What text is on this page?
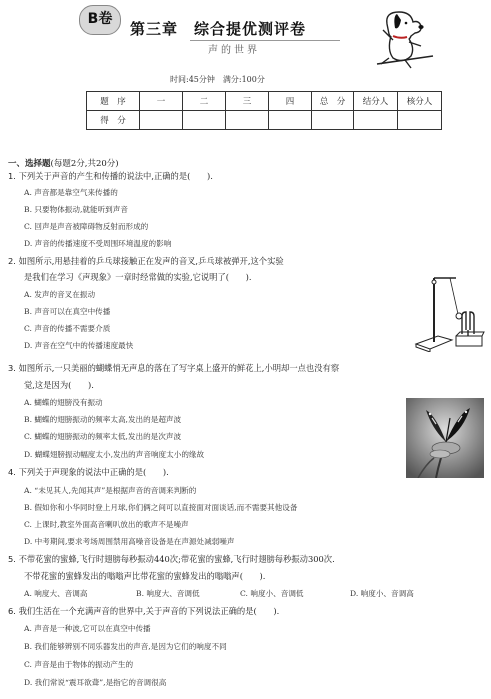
B卷
第三章　综合提优测评卷
声的世界
时间:45分钟　满分:100分
题　序	一	二	三	四	总　分	结分人	核分人
得　分							
一、选择题(每题2分,共20分)
1. 下列关于声音的产生和传播的说法中,正确的是(　　).
A. 声音都是靠空气来传播的
B. 只要物体振动,就能听到声音
C. 回声是声音被障碍物反射而形成的
D. 声音的传播速度不受周围环境温度的影响
2. 如图所示,用悬挂着的乒乓球接触正在发声的音叉,乒乓球被弹开,这个实验
是我们在学习《声现象》一章时经常做的实验,它说明了(　　).
A. 发声的音叉在振动
B. 声音可以在真空中传播
C. 声音的传播不需要介质
D. 声音在空气中的传播速度最快
3. 如图所示,一只美丽的蝴蝶悄无声息的落在了写字桌上盛开的鲜花上,小明却一点也没有察
觉,这是因为(　　).
A. 蝴蝶的翅膀没有振动
B. 蝴蝶的翅膀振动的频率太高,发出的是超声波
C. 蝴蝶的翅膀振动的频率太低,发出的是次声波
D. 蝴蝶翅膀振动幅度太小,发出的声音响度太小的缘故
4. 下列关于声现象的说法中正确的是(　　).
A. “未见其人,先闻其声”是根据声音的音调来判断的
B. 假如你和小华同时登上月球,你们俩之间可以直接面对面谈话,而不需要其他设备
C. 上课时,教室外面高音喇叭放出的歌声不是噪声
D. 中考期间,要求考场周围禁用高噪音设备是在声源处减弱噪声
5. 不带花蜜的蜜蜂,飞行时翅膀每秒振动440次;带花蜜的蜜蜂,飞行时翅膀每秒振动300次.
不带花蜜的蜜蜂发出的嗡嗡声比带花蜜的蜜蜂发出的嗡嗡声(　　).
A. 响度大、音调高	B. 响度大、音调低	C. 响度小、音调低	D. 响度小、音调高
6. 我们生活在一个充满声音的世界中,关于声音的下列说法正确的是(　　).
A. 声音是一种波,它可以在真空中传播
B. 我们能够辨别不同乐器发出的声音,是因为它们的响度不同
C. 声音是由于物体的振动产生的
D. 我们常说“震耳欲聋”,是指它的音调很高
